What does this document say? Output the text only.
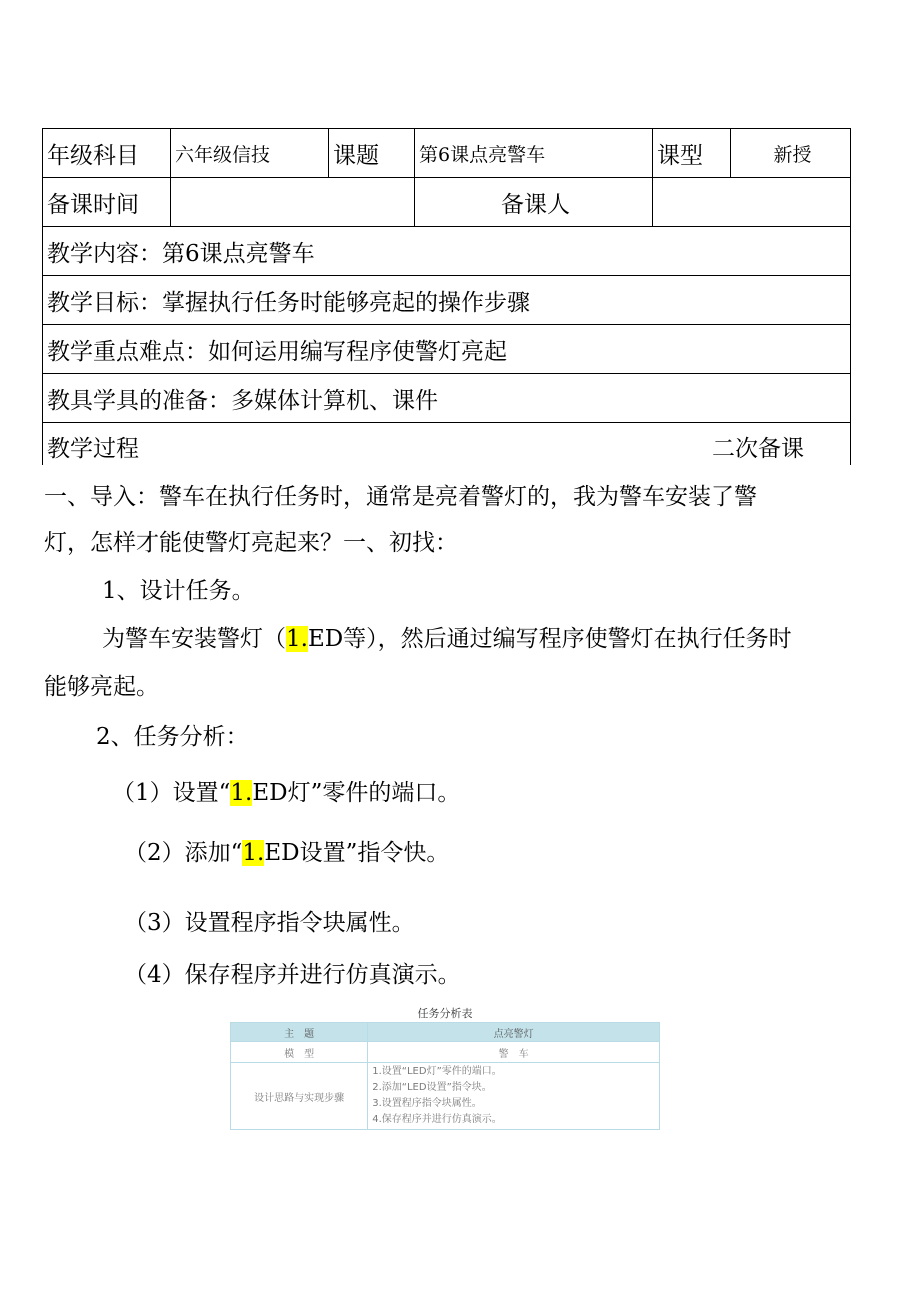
年级科目	六年级信技	课题	第6课点亮警车	课型	新授
备课时间			备课人		
教学内容：第6课点亮警车					
教学目标：掌握执行任务时能够亮起的操作步骤					
教学重点难点：如何运用编写程序使警灯亮起					
教具学具的准备：多媒体计算机、课件					
教学过程 二次备课					
一、导入：警车在执行任务时，通常是亮着警灯的，我为警车安装了警
灯，怎样才能使警灯亮起来？一、初找：
1、设计任务。
为警车安装警灯（1.ED等），然后通过编写程序使警灯在执行任务时
能够亮起。
2、任务分析：
（1）设置“1.ED灯”零件的端口。
（2）添加“1.ED设置”指令快。
（3）设置程序指令块属性。
（4）保存程序并进行仿真演示。
任务分析表
主　题	点亮警灯
模　型	警　车
设计思路与实现步骤	1.设置“LED灯”零件的端口。
2.添加“LED设置”指令块。
3.设置程序指令块属性。
4.保存程序并进行仿真演示。
